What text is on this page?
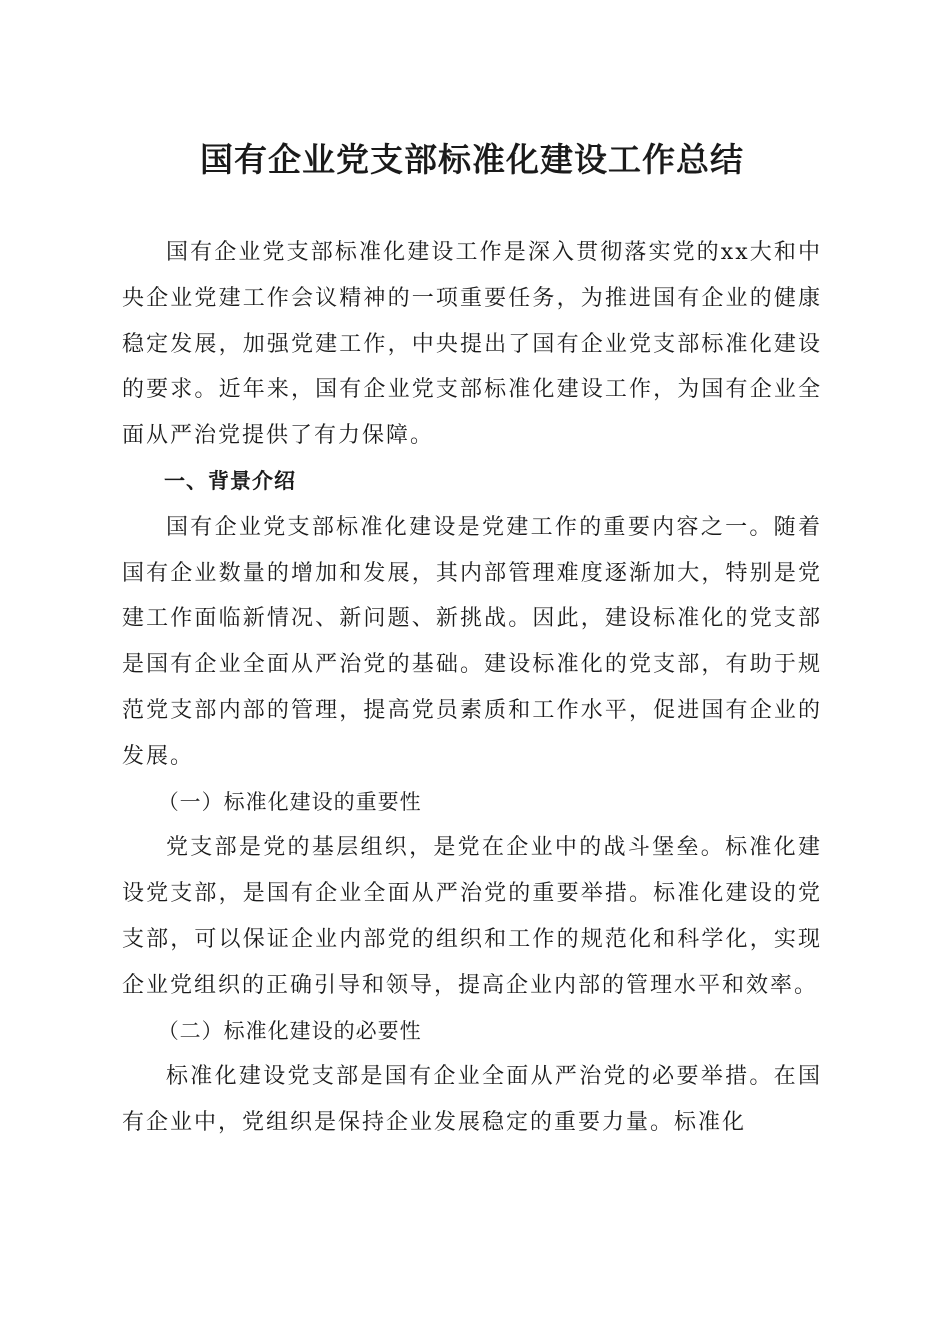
国有企业党支部标准化建设工作总结

国有企业党支部标准化建设工作是深入贯彻落实党的xx大和中央企业党建工作会议精神的一项重要任务，为推进国有企业的健康稳定发展，加强党建工作，中央提出了国有企业党支部标准化建设的要求。近年来，国有企业党支部标准化建设工作，为国有企业全面从严治党提供了有力保障。

一、背景介绍

国有企业党支部标准化建设是党建工作的重要内容之一。随着国有企业数量的增加和发展，其内部管理难度逐渐加大，特别是党建工作面临新情况、新问题、新挑战。因此，建设标准化的党支部是国有企业全面从严治党的基础。建设标准化的党支部，有助于规范党支部内部的管理，提高党员素质和工作水平，促进国有企业的发展。

（一）标准化建设的重要性

党支部是党的基层组织，是党在企业中的战斗堡垒。标准化建设党支部，是国有企业全面从严治党的重要举措。标准化建设的党支部，可以保证企业内部党的组织和工作的规范化和科学化，实现企业党组织的正确引导和领导，提高企业内部的管理水平和效率。

（二）标准化建设的必要性

标准化建设党支部是国有企业全面从严治党的必要举措。在国有企业中，党组织是保持企业发展稳定的重要力量。标准化
